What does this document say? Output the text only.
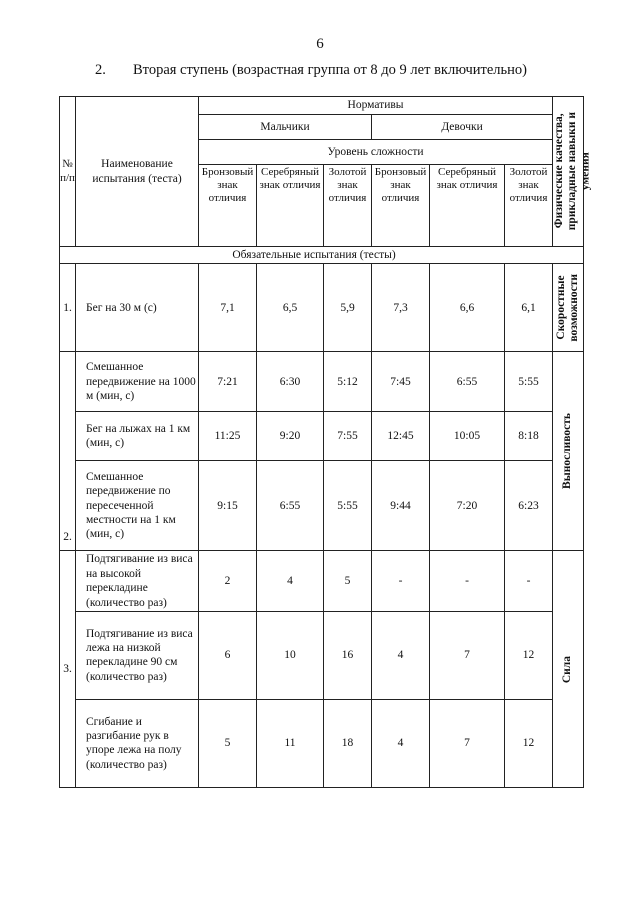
6
2. Вторая ступень (возрастная группа от 8 до 9 лет включительно)
№ п/п	Наименование испытания (теста)	Нормативы						Физические качества, прикладные навыки и умения

		Мальчики			Девочки			
		Уровень сложности						
		Бронзовый знак отличия	Серебряный знак отличия	Золотой знак отличия	Бронзовый знак отличия	Серебряный знак отличия	Золотой знак отличия	
	Обязательные испытания (тесты)							
1.	Бег на 30 м (с)	7,1	6,5	5,9	7,3	6,6	6,1	Скоростные возможности

2.	Смешанное передвижение на 1000 м (мин, с)	7:21	6:30	5:12	7:45	6:55	5:55	Выносливость

	Бег на лыжах на 1 км (мин, с)	11:25	9:20	7:55	12:45	10:05	8:18	
	Смешанное передвижение по пересеченной местности на 1 км (мин, с)	9:15	6:55	5:55	9:44	7:20	6:23	
3.	Подтягивание из виса на высокой перекладине (количество раз)	2	4	5	-	-	-	Сила

	Подтягивание из виса лежа на низкой перекладине 90 см (количество раз)	6	10	16	4	7	12	
	Сгибание и разгибание рук в упоре лежа на полу (количество раз)	5	11	18	4	7	12	
